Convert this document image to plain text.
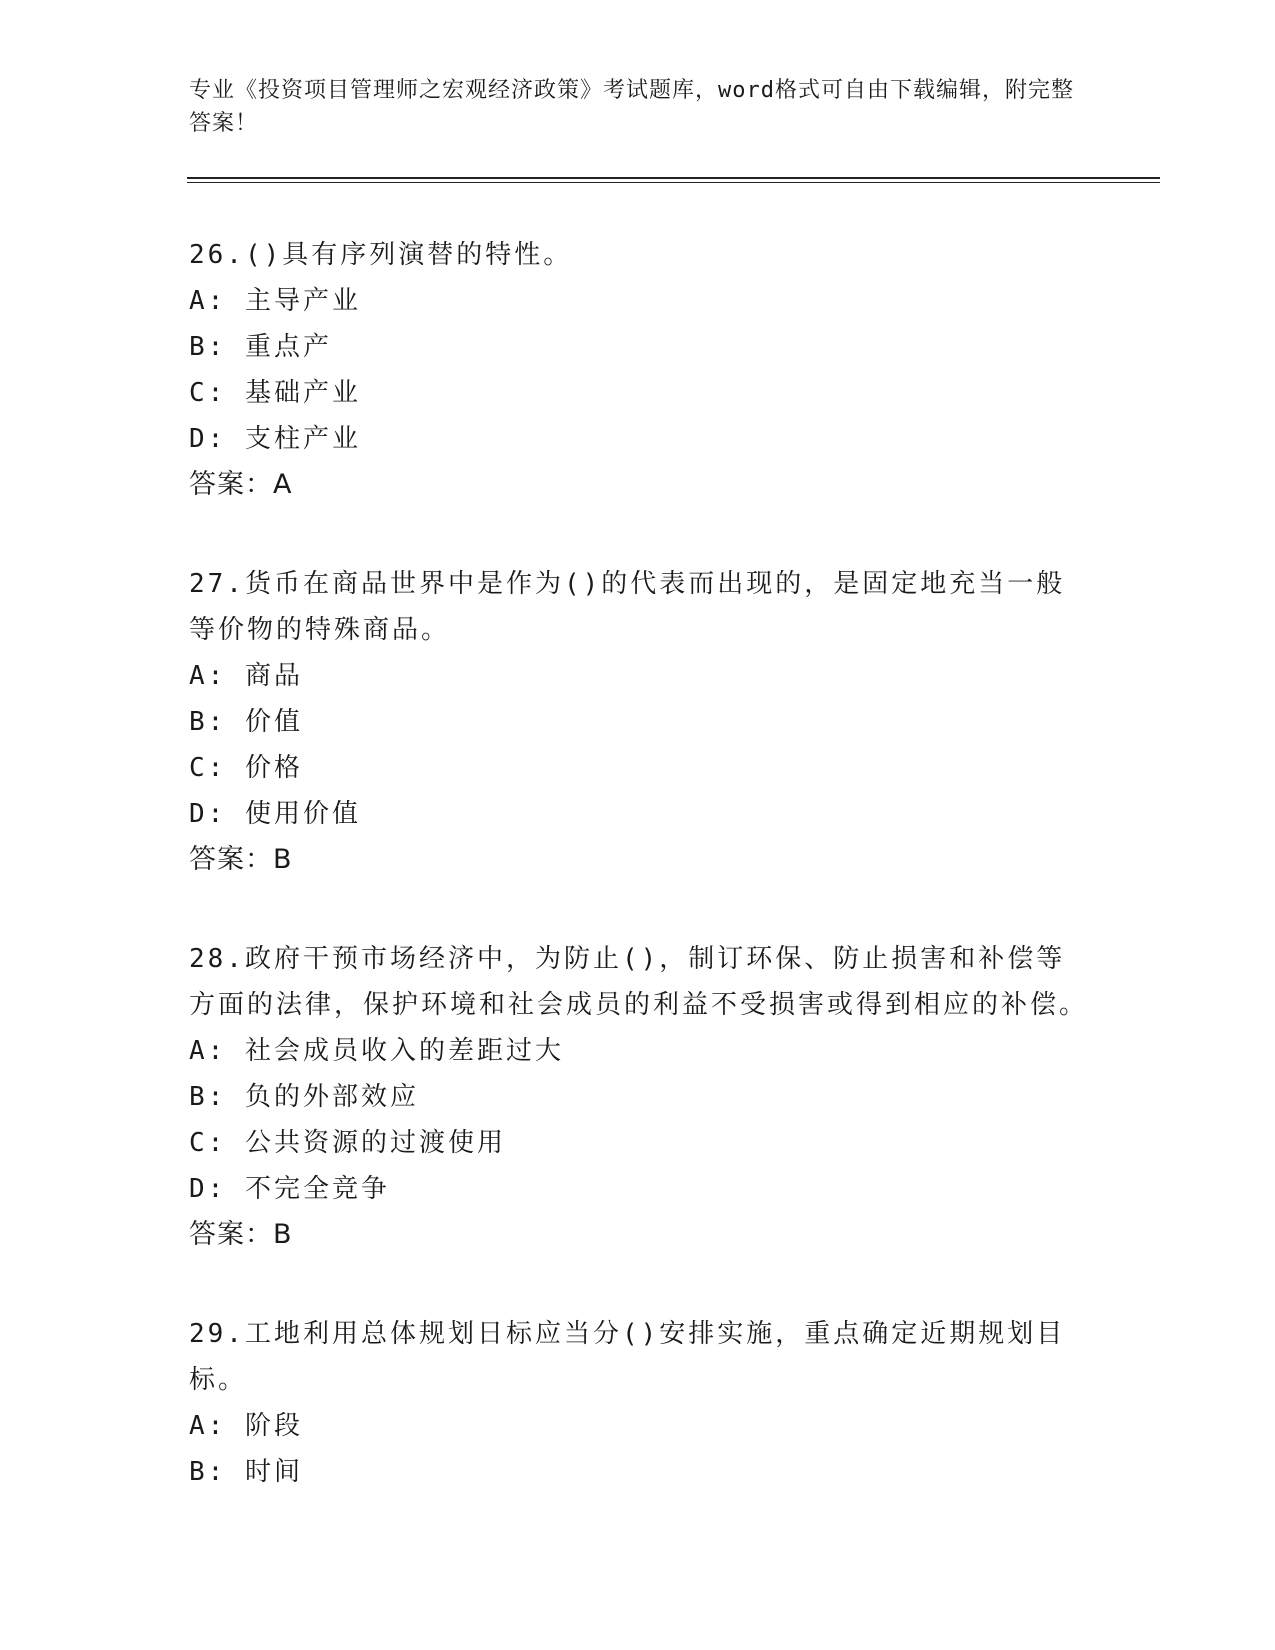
专业《投资项目管理师之宏观经济政策》考试题库，word格式可自由下载编辑，附完整答案！
26.()具有序列演替的特性。
A: 主导产业
B: 重点产
C: 基础产业
D: 支柱产业
答案：A
27.货币在商品世界中是作为()的代表而出现的，是固定地充当一般等价物的特殊商品。
A: 商品
B: 价值
C: 价格
D: 使用价值
答案：B
28.政府干预市场经济中，为防止()，制订环保、防止损害和补偿等方面的法律，保护环境和社会成员的利益不受损害或得到相应的补偿。
A: 社会成员收入的差距过大
B: 负的外部效应
C: 公共资源的过渡使用
D: 不完全竞争
答案：B
29.工地利用总体规划日标应当分()安排实施，重点确定近期规划目标。
A: 阶段
B: 时间
